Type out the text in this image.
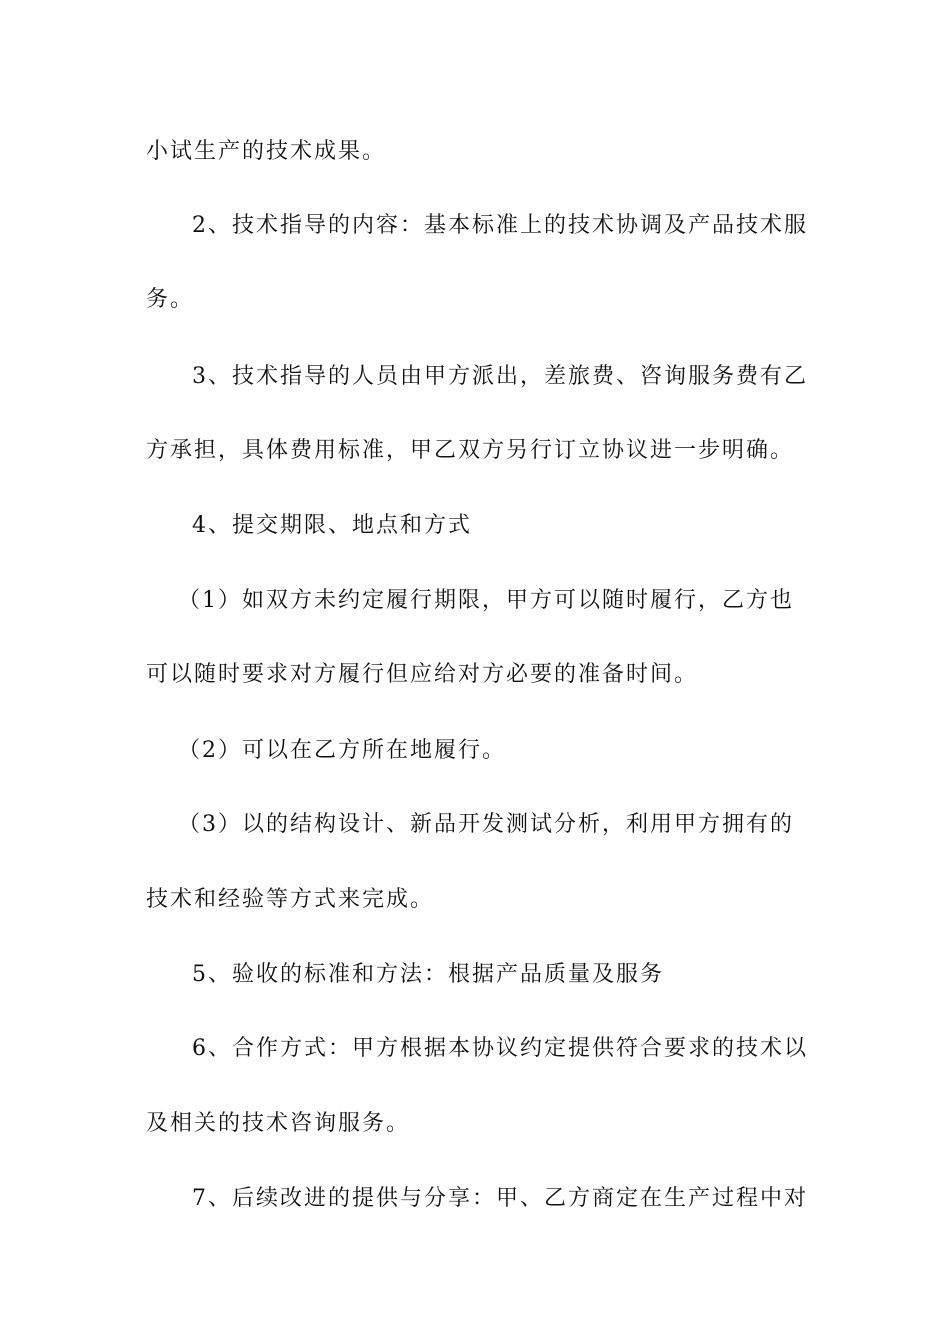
小试生产的技术成果。

2、技术指导的内容：基本标准上的技术协调及产品技术服

务。

3、技术指导的人员由甲方派出，差旅费、咨询服务费有乙

方承担，具体费用标准，甲乙双方另行订立协议进一步明确。

4、提交期限、地点和方式

（1）如双方未约定履行期限，甲方可以随时履行，乙方也

可以随时要求对方履行但应给对方必要的准备时间。

（2）可以在乙方所在地履行。

（3）以的结构设计、新品开发测试分析，利用甲方拥有的

技术和经验等方式来完成。

5、验收的标准和方法：根据产品质量及服务

6、合作方式：甲方根据本协议约定提供符合要求的技术以

及相关的技术咨询服务。

7、后续改进的提供与分享：甲、乙方商定在生产过程中对
